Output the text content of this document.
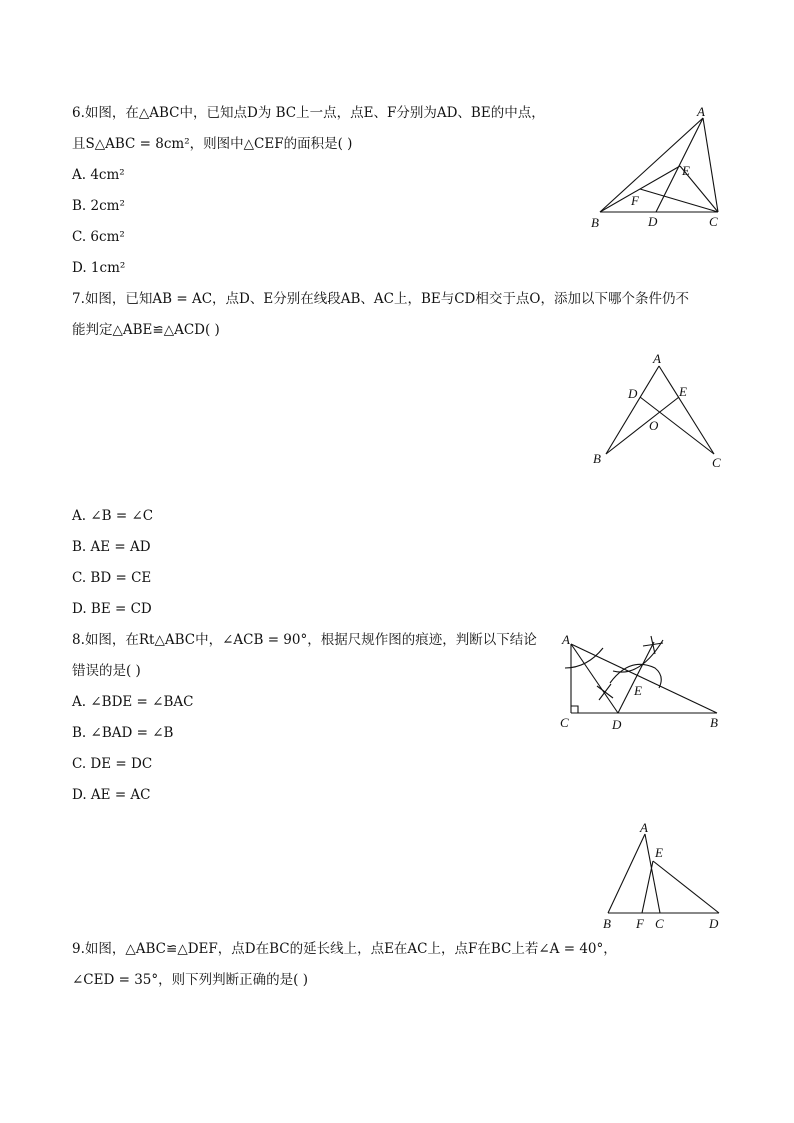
6.如图，在△ABC中，已知点D为 BC上一点，点E、F分别为AD、BE的中点，
且S△ABC = 8cm²，则图中△CEF的面积是( )
A. 4cm²
B. 2cm²
C. 6cm²
D. 1cm²
A
B	C
D
E
F
7.如图，已知AB = AC，点D、E分别在线段AB、AC上，BE与CD相交于点O，添加以下哪个条件仍不
能判定△ABE≌△ACD( )
A
B	C
D	E
O
A. ∠B = ∠C
B. AE = AD
C. BD = CE
D. BE = CD
8.如图，在Rt△ABC中，∠ACB = 90°，根据尺规作图的痕迹，判断以下结论
错误的是( )
A. ∠BDE = ∠BAC
B. ∠BAD = ∠B
C. DE = DC
D. AE = AC
A
C	D	B
E
A
B F C	D
E
9.如图，△ABC≌△DEF，点D在BC的延长线上，点E在AC上，点F在BC上若∠A = 40°，
∠CED = 35°，则下列判断正确的是( )
